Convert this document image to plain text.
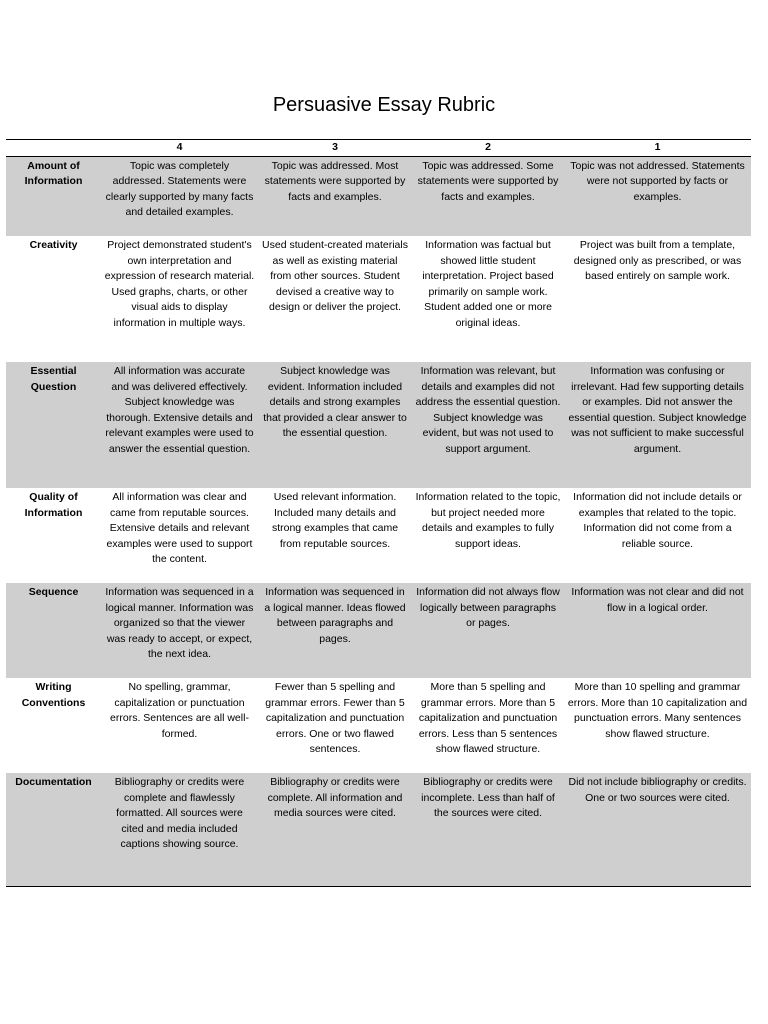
Persuasive Essay Rubric
	4	3	2	1
Amount of Information	Topic was completely addressed. Statements were clearly supported by many facts and detailed examples.	Topic was addressed. Most statements were supported by facts and examples.	Topic was addressed. Some statements were supported by facts and examples.	Topic was not addressed. Statements were not supported by facts or examples.
Creativity	Project demonstrated student's own interpretation and expression of research material. Used graphs, charts, or other visual aids to display information in multiple ways.	Used student-created materials as well as existing material from other sources. Student devised a creative way to design or deliver the project.	Information was factual but showed little student interpretation. Project based primarily on sample work. Student added one or more original ideas.	Project was built from a template, designed only as prescribed, or was based entirely on sample work.
Essential Question	All information was accurate and was delivered effectively. Subject knowledge was thorough. Extensive details and relevant examples were used to answer the essential question.	Subject knowledge was evident. Information included details and strong examples that provided a clear answer to the essential question.	Information was relevant, but details and examples did not address the essential question. Subject knowledge was evident, but was not used to support argument.	Information was confusing or irrelevant. Had few supporting details or examples. Did not answer the essential question. Subject knowledge was not sufficient to make successful argument.
Quality of Information	All information was clear and came from reputable sources. Extensive details and relevant examples were used to support the content.	Used relevant information. Included many details and strong examples that came from reputable sources.	Information related to the topic, but project needed more details and examples to fully support ideas.	Information did not include details or examples that related to the topic. Information did not come from a reliable source.
Sequence	Information was sequenced in a logical manner. Information was organized so that the viewer was ready to accept, or expect, the next idea.	Information was sequenced in a logical manner. Ideas flowed between paragraphs and pages.	Information did not always flow logically between paragraphs or pages.	Information was not clear and did not flow in a logical order.
Writing Conventions	No spelling, grammar, capitalization or punctuation errors. Sentences are all well-formed.	Fewer than 5 spelling and grammar errors. Fewer than 5 capitalization and punctuation errors. One or two flawed sentences.	More than 5 spelling and grammar errors. More than 5 capitalization and punctuation errors. Less than 5 sentences show flawed structure.	More than 10 spelling and grammar errors. More than 10 capitalization and punctuation errors. Many sentences show flawed structure.
Documentation	Bibliography or credits were complete and flawlessly formatted. All sources were cited and media included captions showing source.	Bibliography or credits were complete. All information and media sources were cited.	Bibliography or credits were incomplete. Less than half of the sources were cited.	Did not include bibliography or credits. One or two sources were cited.
